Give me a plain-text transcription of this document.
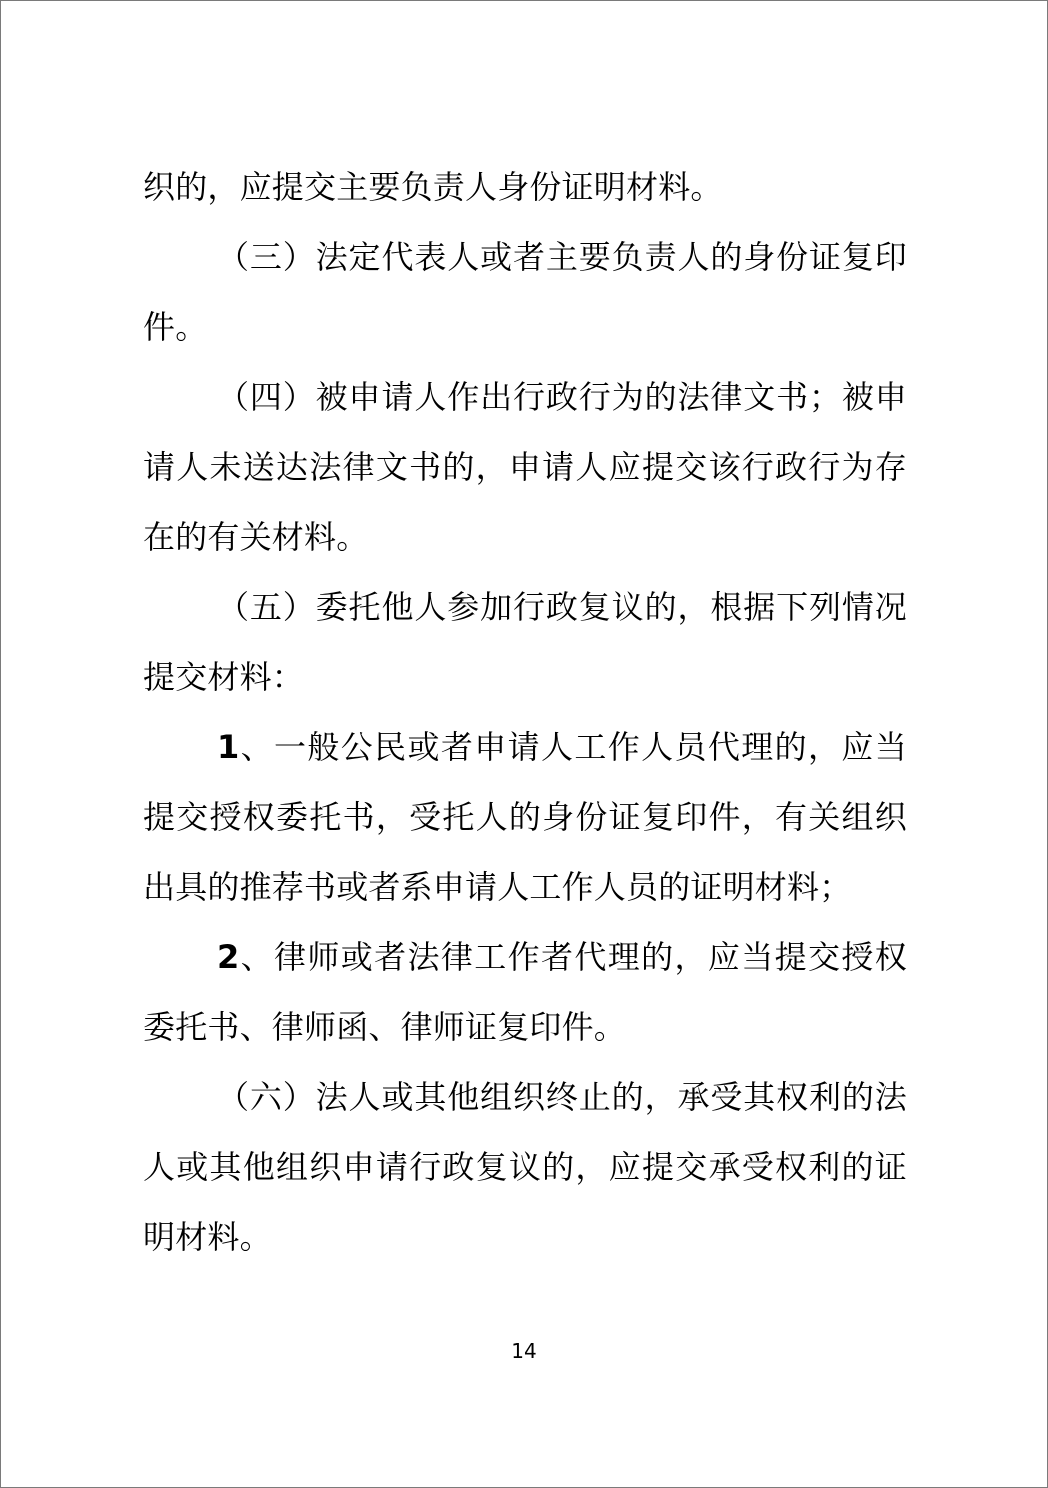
织的，应提交主要负责人身份证明材料。

（三）法定代表人或者主要负责人的身份证复印件。

（四）被申请人作出行政行为的法律文书；被申请人未送达法律文书的，申请人应提交该行政行为存在的有关材料。

（五）委托他人参加行政复议的，根据下列情况提交材料：

1、一般公民或者申请人工作人员代理的，应当提交授权委托书，受托人的身份证复印件，有关组织出具的推荐书或者系申请人工作人员的证明材料；

2、律师或者法律工作者代理的，应当提交授权委托书、律师函、律师证复印件。

（六）法人或其他组织终止的，承受其权利的法人或其他组织申请行政复议的，应提交承受权利的证明材料。

14
